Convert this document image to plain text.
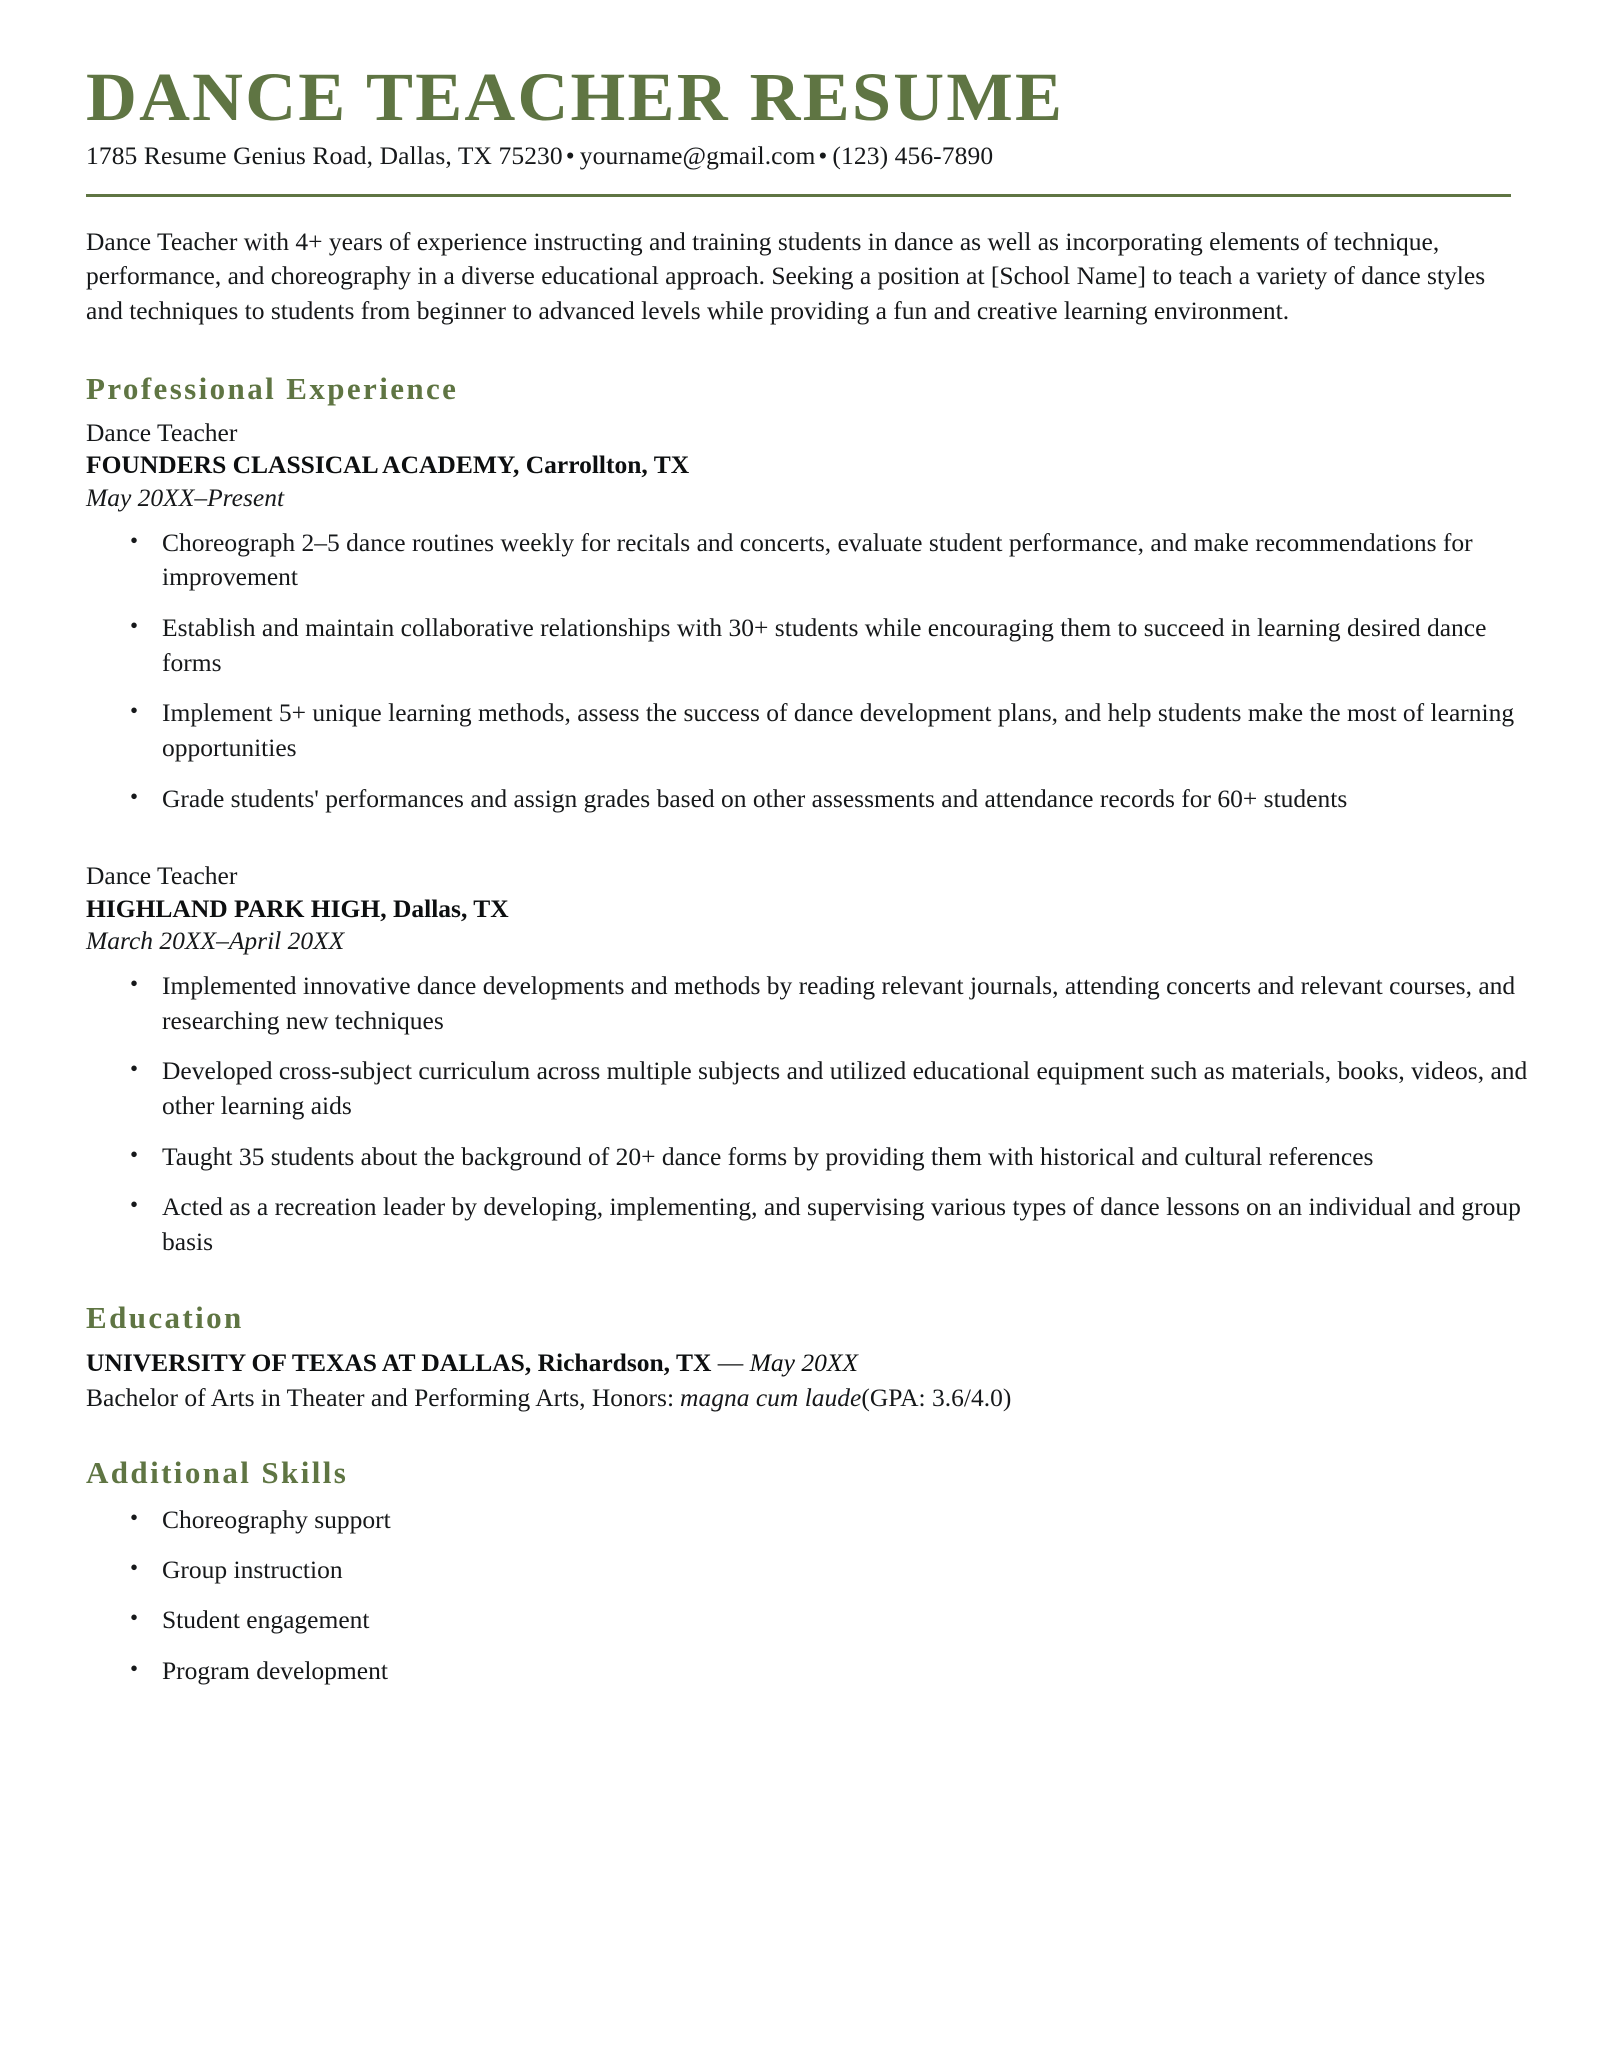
DANCE TEACHER RESUME

1785 Resume Genius Road, Dallas, TX 75230 • yourname@gmail.com • (123) 456-7890

Dance Teacher with 4+ years of experience instructing and training students in dance as well as incorporating elements of technique, performance, and choreography in a diverse educational approach. Seeking a position at [School Name] to teach a variety of dance styles and techniques to students from beginner to advanced levels while providing a fun and creative learning environment.

Professional Experience
Dance Teacher
FOUNDERS CLASSICAL ACADEMY, Carrollton, TX
May 20XX–Present
• Choreograph 2–5 dance routines weekly for recitals and concerts, evaluate student performance, and make recommendations for improvement
• Establish and maintain collaborative relationships with 30+ students while encouraging them to succeed in learning desired dance forms
• Implement 5+ unique learning methods, assess the success of dance development plans, and help students make the most of learning opportunities
• Grade students' performances and assign grades based on other assessments and attendance records for 60+ students
Dance Teacher
HIGHLAND PARK HIGH, Dallas, TX
March 20XX–April 20XX
• Implemented innovative dance developments and methods by reading relevant journals, attending concerts and relevant courses, and researching new techniques
• Developed cross-subject curriculum across multiple subjects and utilized educational equipment such as materials, books, videos, and other learning aids
• Taught 35 students about the background of 20+ dance forms by providing them with historical and cultural references
• Acted as a recreation leader by developing, implementing, and supervising various types of dance lessons on an individual and group basis
Education
UNIVERSITY OF TEXAS AT DALLAS, Richardson, TX — May 20XX
Bachelor of Arts in Theater and Performing Arts, Honors: magna cum laude(GPA: 3.6/4.0)
Additional Skills
• Choreography support
• Group instruction
• Student engagement
• Program development
